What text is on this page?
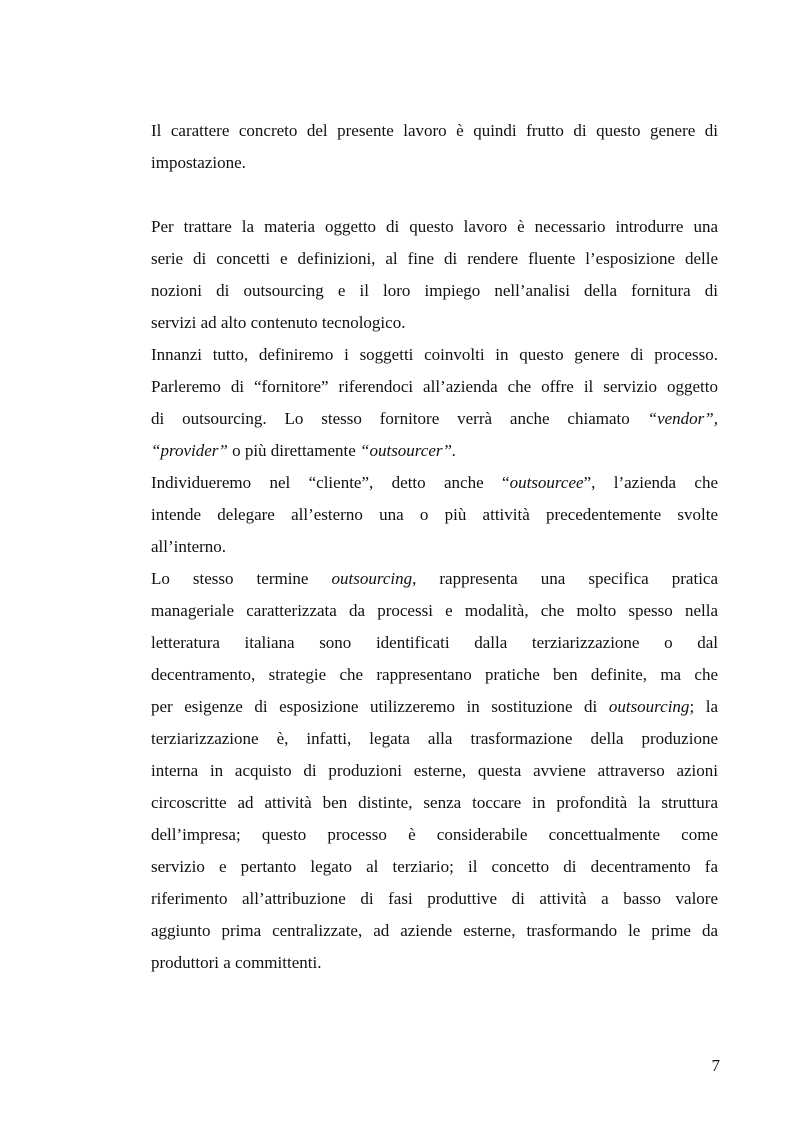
Il carattere concreto del presente lavoro è quindi frutto di questo genere di
impostazione.
Per trattare la materia oggetto di questo lavoro è necessario introdurre una
serie di concetti e definizioni, al fine di rendere fluente l’esposizione delle
nozioni di outsourcing e il loro impiego nell’analisi della fornitura di
servizi ad alto contenuto tecnologico.
Innanzi tutto, definiremo i soggetti coinvolti in questo genere di processo.
Parleremo di “fornitore” riferendoci all’azienda che offre il servizio oggetto
di outsourcing. Lo stesso fornitore verrà anche chiamato “vendor”,
“provider” o più direttamente “outsourcer”.
Individueremo nel “cliente”, detto anche “outsourcee”, l’azienda che
intende delegare all’esterno una o più attività precedentemente svolte
all’interno.
Lo stesso termine outsourcing, rappresenta una specifica pratica
manageriale caratterizzata da processi e modalità, che molto spesso nella
letteratura italiana sono identificati dalla terziarizzazione o dal
decentramento, strategie che rappresentano pratiche ben definite, ma che
per esigenze di esposizione utilizzeremo in sostituzione di outsourcing; la
terziarizzazione è, infatti, legata alla trasformazione della produzione
interna in acquisto di produzioni esterne, questa avviene attraverso azioni
circoscritte ad attività ben distinte, senza toccare in profondità la struttura
dell’impresa; questo processo è considerabile concettualmente come
servizio e pertanto legato al terziario; il concetto di decentramento fa
riferimento all’attribuzione di fasi produttive di attività a basso valore
aggiunto prima centralizzate, ad aziende esterne, trasformando le prime da
produttori a committenti.
7
